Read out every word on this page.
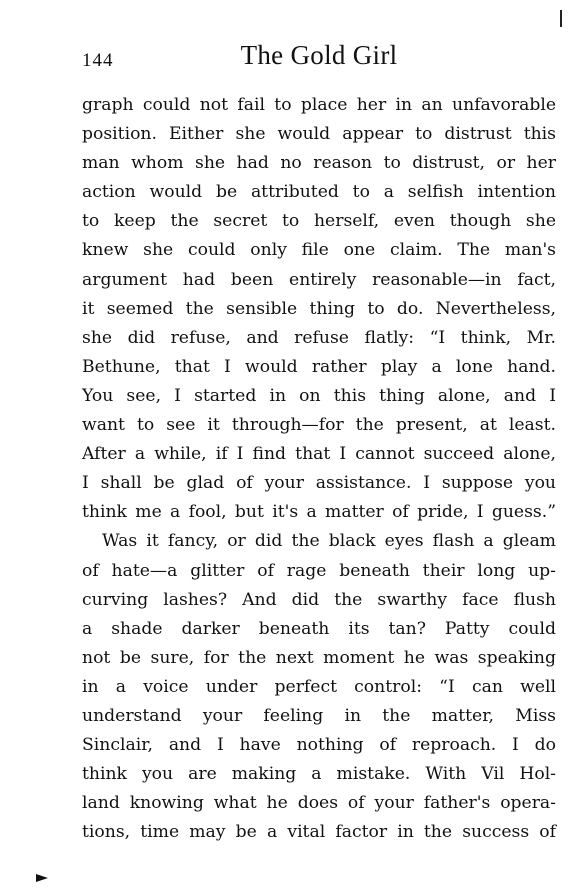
144	The Gold Girl
graph could not fail to place her in an unfavorable
position. Either she would appear to distrust this
man whom she had no reason to distrust, or her
action would be attributed to a selfish intention
to keep the secret to herself, even though she
knew she could only file one claim. The man's
argument had been entirely reasonable—in fact,
it seemed the sensible thing to do. Nevertheless,
she did refuse, and refuse flatly: “I think, Mr.
Bethune, that I would rather play a lone hand.
You see, I started in on this thing alone, and I
want to see it through—for the present, at least.
After a while, if I find that I cannot succeed alone,
I shall be glad of your assistance. I suppose you
think me a fool, but it's a matter of pride, I guess.”
Was it fancy, or did the black eyes flash a gleam
of hate—a glitter of rage beneath their long up-
curving lashes? And did the swarthy face flush
a shade darker beneath its tan? Patty could
not be sure, for the next moment he was speaking
in a voice under perfect control: “I can well
understand your feeling in the matter, Miss
Sinclair, and I have nothing of reproach. I do
think you are making a mistake. With Vil Hol-
land knowing what he does of your father's opera-
tions, time may be a vital factor in the success of
